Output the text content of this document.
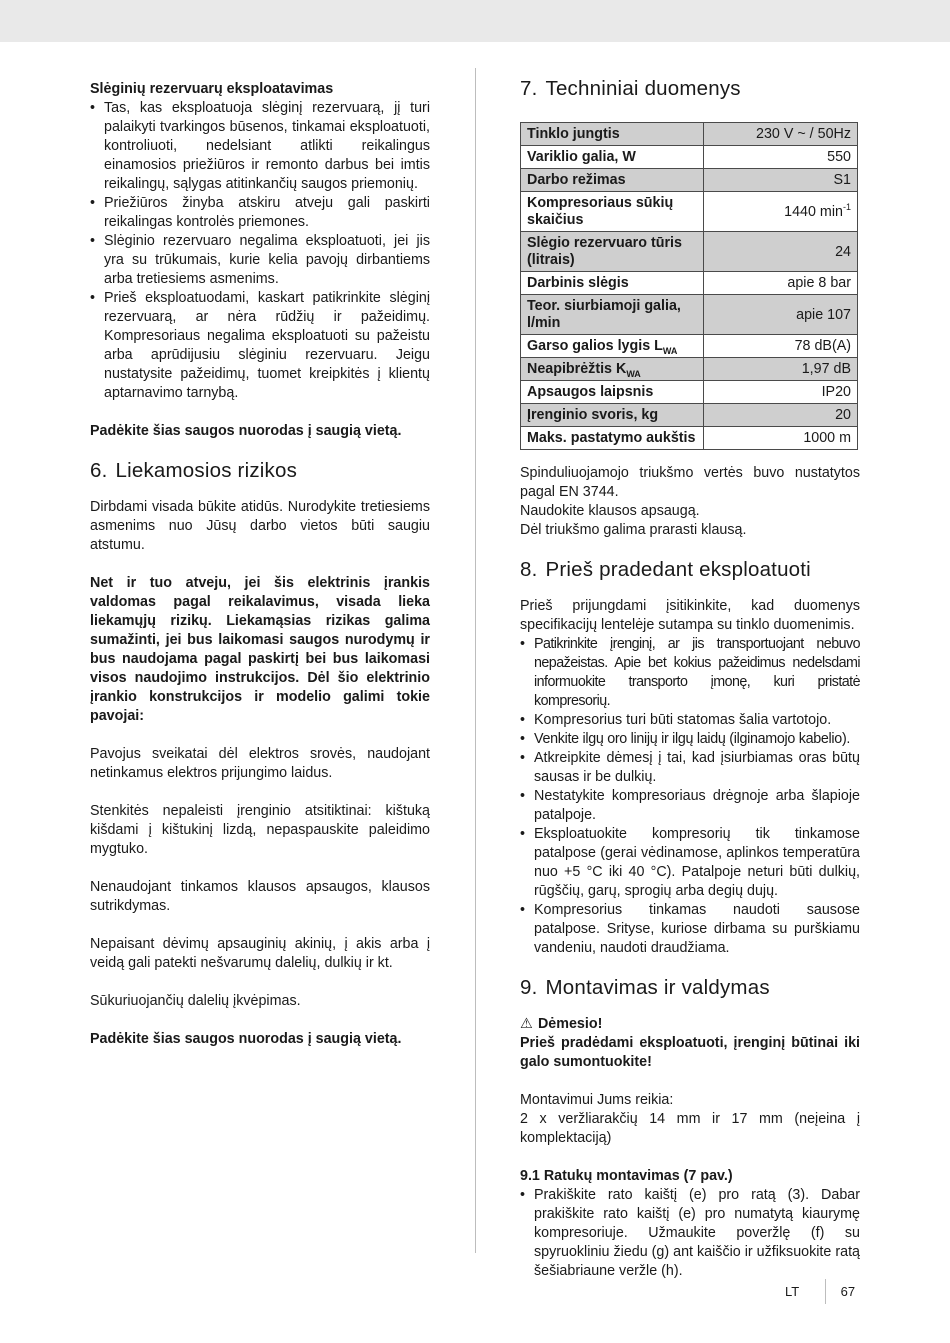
Slėginių rezervuarų eksploatavimas

• Tas, kas eksploatuoja slėginį rezervuarą, jį turi palaikyti tvarkingos būsenos, tinkamai eksploatuoti, kontroliuoti, nedelsiant atlikti reikalingus einamosios priežiūros ir remonto darbus bei imtis reikalingų, sąlygas atitinkančių saugos priemonių.
• Priežiūros žinyba atskiru atveju gali paskirti reikalingas kontrolės priemones.
• Slėginio rezervuaro negalima eksploatuoti, jei jis yra su trūkumais, kurie kelia pavojų dirbantiems arba tretiesiems asmenims.
• Prieš eksploatuodami, kaskart patikrinkite slėginį rezervuarą, ar nėra rūdžių ir pažeidimų. Kompresoriaus negalima eksploatuoti su pažeistu arba aprūdijusiu slėginiu rezervuaru. Jeigu nustatysite pažeidimų, tuomet kreipkitės į klientų aptarnavimo tarnybą.

Padėkite šias saugos nuorodas į saugią vietą.

6. Liekamosios rizikos

Dirbdami visada būkite atidūs. Nurodykite tretiesiems asmenims nuo Jūsų darbo vietos būti saugiu atstumu.

Net ir tuo atveju, jei šis elektrinis įrankis valdomas pagal reikalavimus, visada lieka liekamųjų rizikų. Liekamąsias rizikas galima sumažinti, jei bus laikomasi saugos nurodymų ir bus naudojama pagal paskirtį bei bus laikomasi visos naudojimo instrukcijos. Dėl šio elektrinio įrankio konstrukcijos ir modelio galimi tokie pavojai:

Pavojus sveikatai dėl elektros srovės, naudojant netinkamus elektros prijungimo laidus.

Stenkitės nepaleisti įrenginio atsitiktinai: kištuką kišdami į kištukinį lizdą, nepaspauskite paleidimo mygtuko.

Nenaudojant tinkamos klausos apsaugos, klausos sutrikdymas.

Nepaisant dėvimų apsauginių akinių, į akis arba į veidą gali patekti nešvarumų dalelių, dulkių ir kt.

Sūkuriuojančių dalelių įkvėpimas.

Padėkite šias saugos nuorodas į saugią vietą.

7. Techniniai duomenys
Tinklo jungtis	230 V ~ / 50Hz
Variklio galia, W	550
Darbo režimas	S1
Kompresoriaus sūkių skaičius	1440 $\min^{-1}$
Slėgio rezervuaro tūris (litrais)	24
Darbinis slėgis	apie 8 bar
Teor. siurbiamoji galia, l/min	apie 107
Garso galios lygis $L_{WA}$	78 dB(A)
Neapibrėžtis $K_{WA}$	1,97 dB
Apsaugos laipsnis	IP20
Įrenginio svoris, kg	20
Maks. pastatymo aukštis	1000 m

Spinduliuojamojo triukšmo vertės buvo nustatytos pagal EN 3744.

Naudokite klausos apsaugą.

Dėl triukšmo galima prarasti klausą.

8. Prieš pradedant eksploatuoti

Prieš prijungdami įsitikinkite, kad duomenys specifikacijų lentelėje sutampa su tinklo duomenimis.

• Patikrinkite įrenginį, ar jis transportuojant nebuvo nepažeistas. Apie bet kokius pažeidimus nedelsdami informuokite transporto įmonę, kuri pristatė kompresorių.
• Kompresorius turi būti statomas šalia vartotojo.
• Venkite ilgų oro linijų ir ilgų laidų (ilginamojo kabelio).
• Atkreipkite dėmesį į tai, kad įsiurbiamas oras būtų sausas ir be dulkių.
• Nestatykite kompresoriaus drėgnoje arba šlapioje patalpoje.
• Eksploatuokite kompresorių tik tinkamose patalpose (gerai vėdinamose, aplinkos temperatūra nuo +5 °C iki 40 °C). Patalpoje neturi būti dulkių, rūgščių, garų, sprogių arba degių dujų.
• Kompresorius tinkamas naudoti sausose patalpose. Srityse, kuriose dirbama su purškiamu vandeniu, naudoti draudžiama.
9. Montavimas ir valdymas

⚠ Dėmesio!

Prieš pradėdami eksploatuoti, įrenginį būtinai iki galo sumontuokite!

Montavimui Jums reikia:

2 x veržliarakčių 14 mm ir 17 mm (neįeina į komplektaciją)

9.1 Ratukų montavimas (7 pav.)

• Prakiškite rato kaištį (e) pro ratą (3). Dabar prakiškite rato kaištį (e) pro numatytą kiaurymę kompresoriuje. Užmaukite poveržlę (f) su spyruokliniu žiedu (g) ant kaiščio ir užfiksuokite ratą šešiabriaune veržle (h).
LT	67
